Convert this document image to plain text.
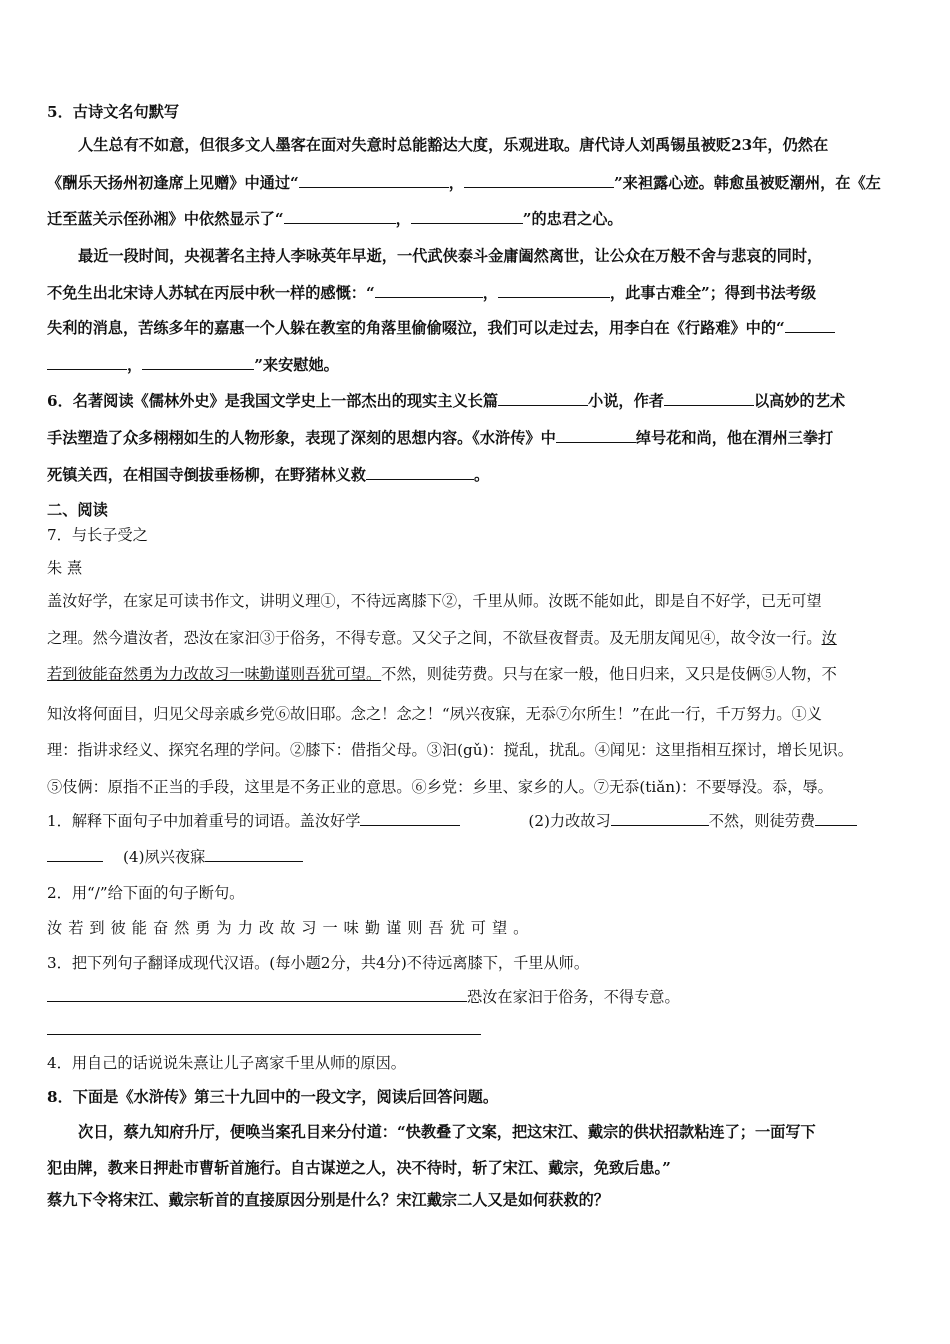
5．古诗文名句默写
人生总有不如意，但很多文人墨客在面对失意时总能豁达大度，乐观进取。唐代诗人刘禹锡虽被贬23年，仍然在
《酬乐天扬州初逢席上见赠》中通过“	，	”来袒露心迹。韩愈虽被贬潮州，在《左
迁至蓝关示侄孙湘》中依然显示了“	，	”的忠君之心。
最近一段时间，央视著名主持人李咏英年早逝，一代武侠泰斗金庸阖然离世，让公众在万般不舍与悲哀的同时，
不免生出北宋诗人苏轼在丙辰中秋一样的感慨：“	，	，此事古难全”；得到书法考级
失利的消息，苦练多年的嘉惠一个人躲在教室的角落里偷偷啜泣，我们可以走过去，用李白在《行路难》中的“
，	”来安慰她。
6．名著阅读《儒林外史》是我国文学史上一部杰出的现实主义长篇	小说，作者	以高妙的艺术
手法塑造了众多栩栩如生的人物形象，表现了深刻的思想内容。《水浒传》中	绰号花和尚，他在渭州三拳打
死镇关西，在相国寺倒拔垂杨柳，在野猪林义救	。
二、阅读
7．与长子受之
朱 熹
盖汝好学，在家足可读书作文，讲明义理①，不待远离膝下②，千里从师。汝既不能如此，即是自不好学，已无可望
之理。然今遣汝者，恐汝在家汩③于俗务，不得专意。又父子之间，不欲昼夜督责。及无朋友闻见④，故令汝一行。汝
若到彼能奋然勇为力改故习一味勤谨则吾犹可望。不然，则徒劳费。只与在家一般，他日归来，又只是伎俩⑤人物，不
知汝将何面目，归见父母亲戚乡党⑥故旧耶。念之！念之！“夙兴夜寐，无忝⑦尔所生！”在此一行，千万努力。①义
理：指讲求经义、探究名理的学问。②膝下：借指父母。③汩(gǔ)：搅乱，扰乱。④闻见：这里指相互探讨，增长见识。
⑤伎俩：原指不正当的手段，这里是不务正业的意思。⑥乡党：乡里、家乡的人。⑦无忝(tiǎn)：不要辱没。忝，辱。
1．解释下面句子中加着重号的词语。盖汝好学	(2)力改故习	不然，则徒劳费
(4)夙兴夜寐
2．用“/”给下面的句子断句。
汝若到彼能奋然勇为力改故习一味勤谨则吾犹可望。
3．把下列句子翻译成现代汉语。(每小题2分，共4分)不待远离膝下，千里从师。
恐汝在家汩于俗务，不得专意。
4．用自己的话说说朱熹让儿子离家千里从师的原因。
8．下面是《水浒传》第三十九回中的一段文字，阅读后回答问题。
次日，蔡九知府升厅，便唤当案孔目来分付道：“快教叠了文案，把这宋江、戴宗的供状招款粘连了；一面写下
犯由牌，教来日押赴市曹斩首施行。自古谋逆之人，决不待时，斩了宋江、戴宗，免致后患。”
蔡九下令将宋江、戴宗斩首的直接原因分别是什么？宋江戴宗二人又是如何获救的？
